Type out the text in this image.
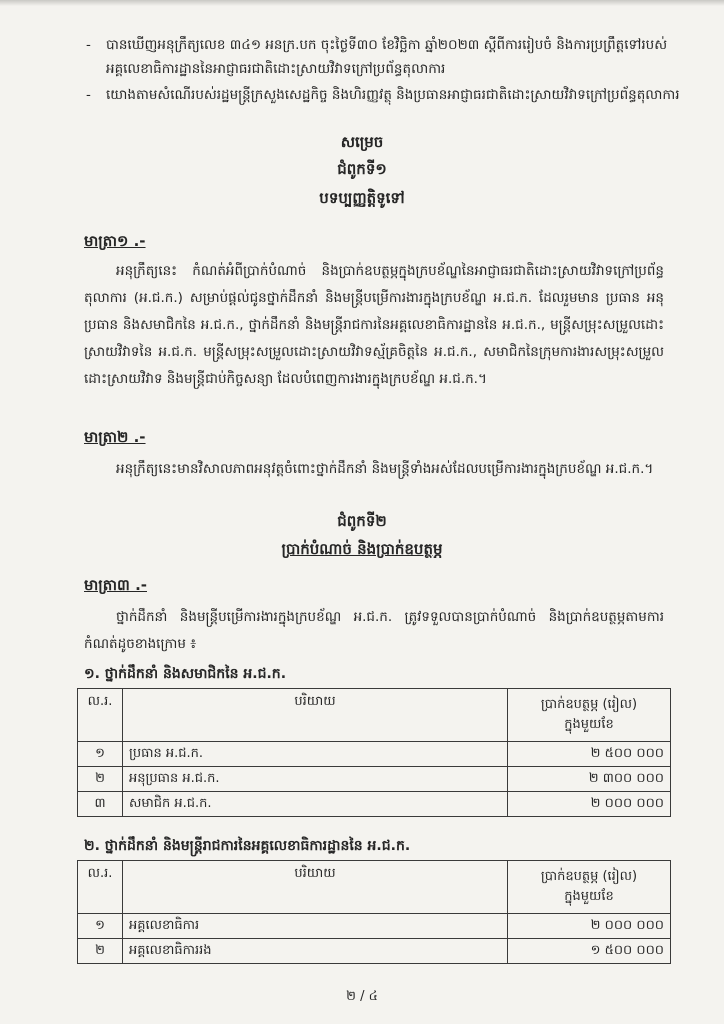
- បានឃើញអនុក្រឹត្យលេខ ៣៤១ អនក្រ.បក ចុះថ្ងៃទី៣០ ខែវិច្ឆិកា ឆ្នាំ២០២៣ ស្ដីពីការរៀបចំ និងការប្រព្រឹត្តទៅរបស់អគ្គលេខាធិការដ្ឋាននៃអាជ្ញាធរជាតិដោះស្រាយវិវាទក្រៅប្រព័ន្ធតុលាការ
- យោងតាមសំណើរបស់រដ្ឋមន្ត្រីក្រសួងសេដ្ឋកិច្ច និងហិរញ្ញវត្ថុ និងប្រធានអាជ្ញាធរជាតិដោះស្រាយវិវាទក្រៅប្រព័ន្ធតុលាការ
សម្រេច
ជំពូកទី១
បទប្បញ្ញត្តិទូទៅ
មាត្រា១ .-
អនុក្រឹត្យនេះ កំណត់អំពីប្រាក់បំណាច់ និងប្រាក់ឧបត្ថម្ភក្នុងក្របខ័ណ្ឌនៃអាជ្ញាធរជាតិដោះស្រាយវិវាទក្រៅប្រព័ន្ធតុលាការ (អ.ជ.ក.) សម្រាប់ផ្ដល់ជូនថ្នាក់ដឹកនាំ និងមន្ត្រីបម្រើការងារក្នុងក្របខ័ណ្ឌ អ.ជ.ក. ដែលរួមមាន ប្រធាន អនុប្រធាន និងសមាជិកនៃ អ.ជ.ក., ថ្នាក់ដឹកនាំ និងមន្ត្រីរាជការនៃអគ្គលេខាធិការដ្ឋាននៃ អ.ជ.ក., មន្ត្រីសម្រុះសម្រួលដោះស្រាយវិវាទនៃ អ.ជ.ក. មន្ត្រីសម្រុះសម្រួលដោះស្រាយវិវាទស្ម័គ្រចិត្តនៃ អ.ជ.ក., សមាជិកនៃក្រុមការងារសម្រុះសម្រួលដោះស្រាយវិវាទ និងមន្ត្រីជាប់កិច្ចសន្យា ដែលបំពេញការងារក្នុងក្របខ័ណ្ឌ អ.ជ.ក.។
មាត្រា២ .-
អនុក្រឹត្យនេះមានវិសាលភាពអនុវត្តចំពោះថ្នាក់ដឹកនាំ និងមន្ត្រីទាំងអស់ដែលបម្រើការងារក្នុងក្របខ័ណ្ឌ អ.ជ.ក.។
ជំពូកទី២
ប្រាក់បំណាច់ និងប្រាក់ឧបត្ថម្ភ
មាត្រា៣ .-
ថ្នាក់ដឹកនាំ និងមន្ត្រីបម្រើការងារក្នុងក្របខ័ណ្ឌ អ.ជ.ក. ត្រូវទទួលបានប្រាក់បំណាច់ និងប្រាក់ឧបត្ថម្ភតាមការកំណត់ដូចខាងក្រោម ៖
១. ថ្នាក់ដឹកនាំ និងសមាជិកនៃ អ.ជ.ក.
ល.រ.	បរិយាយ	ប្រាក់ឧបត្ថម្ភ (រៀល)
ក្នុងមួយខែ

១	ប្រធាន អ.ជ.ក.	២ ៥០០ ០០០
២	អនុប្រធាន អ.ជ.ក.	២ ៣០០ ០០០
៣	សមាជិក អ.ជ.ក.	២ ០០០ ០០០
២. ថ្នាក់ដឹកនាំ និងមន្ត្រីរាជការនៃអគ្គលេខាធិការដ្ឋាននៃ អ.ជ.ក.
ល.រ.	បរិយាយ	ប្រាក់ឧបត្ថម្ភ (រៀល)
ក្នុងមួយខែ

១	អគ្គលេខាធិការ	២ ០០០ ០០០
២	អគ្គលេខាធិការរង	១ ៥០០ ០០០
២ / ៤
